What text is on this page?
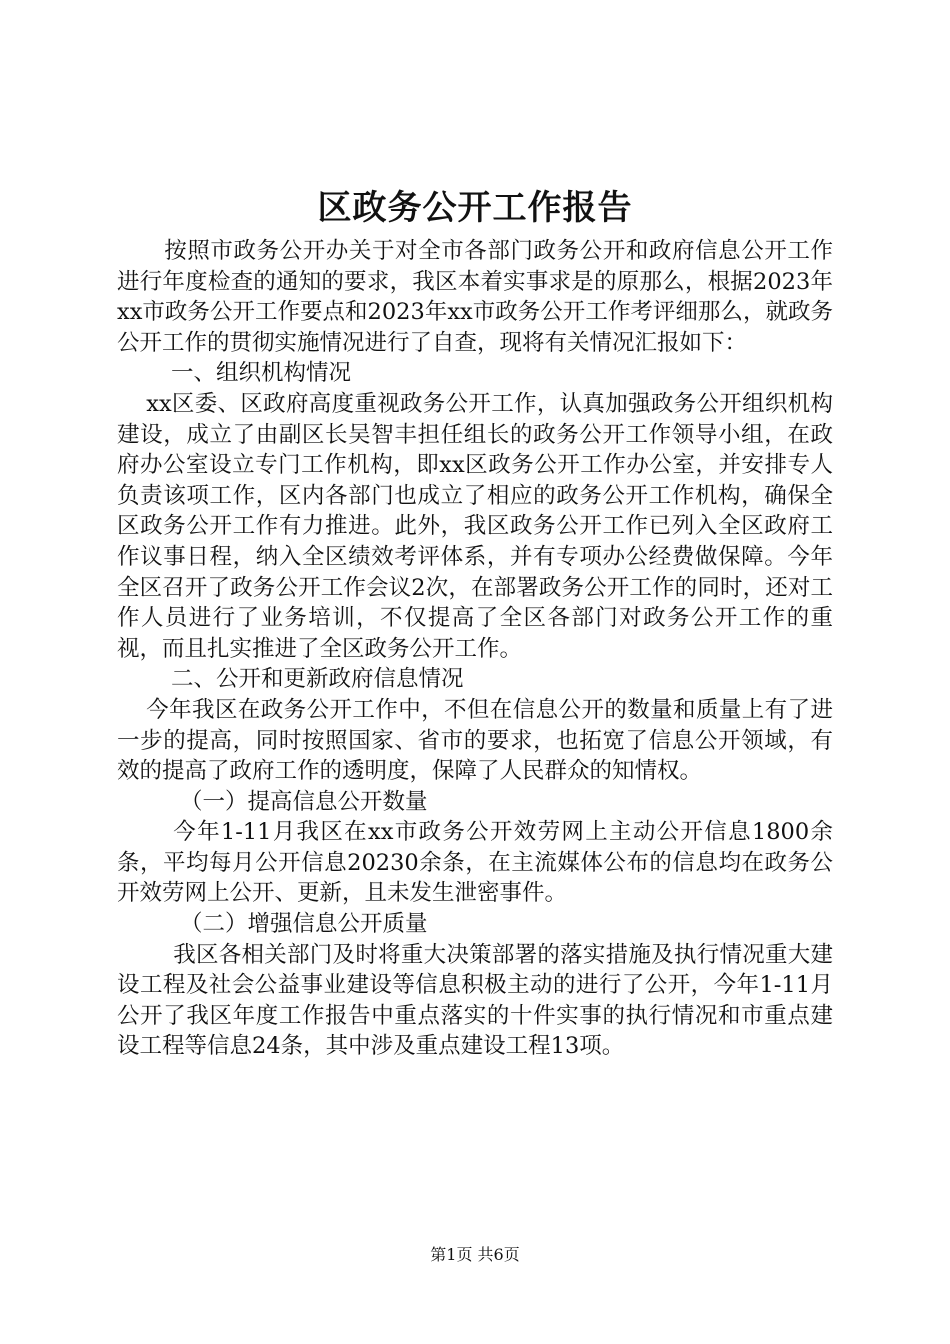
区政务公开工作报告

按照市政务公开办关于对全市各部门政务公开和政府信息公开工作进行年度检查的通知的要求，我区本着实事求是的原那么，根据2023年xx市政务公开工作要点和2023年xx市政务公开工作考评细那么，就政务公开工作的贯彻实施情况进行了自查，现将有关情况汇报如下：

一、组织机构情况

xx区委、区政府高度重视政务公开工作，认真加强政务公开组织机构建设，成立了由副区长吴智丰担任组长的政务公开工作领导小组，在政府办公室设立专门工作机构，即xx区政务公开工作办公室，并安排专人负责该项工作，区内各部门也成立了相应的政务公开工作机构，确保全区政务公开工作有力推进。此外，我区政务公开工作已列入全区政府工作议事日程，纳入全区绩效考评体系，并有专项办公经费做保障。今年全区召开了政务公开工作会议2次，在部署政务公开工作的同时，还对工作人员进行了业务培训，不仅提高了全区各部门对政务公开工作的重视，而且扎实推进了全区政务公开工作。

二、公开和更新政府信息情况

今年我区在政务公开工作中，不但在信息公开的数量和质量上有了进一步的提高，同时按照国家、省市的要求，也拓宽了信息公开领域，有效的提高了政府工作的透明度，保障了人民群众的知情权。

（一）提高信息公开数量

今年1-11月我区在xx市政务公开效劳网上主动公开信息1800余条，平均每月公开信息20230余条，在主流媒体公布的信息均在政务公开效劳网上公开、更新，且未发生泄密事件。

（二）增强信息公开质量

我区各相关部门及时将重大决策部署的落实措施及执行情况重大建设工程及社会公益事业建设等信息积极主动的进行了公开，今年1-11月公开了我区年度工作报告中重点落实的十件实事的执行情况和市重点建设工程等信息24条，其中涉及重点建设工程13项。

第1页 共6页
